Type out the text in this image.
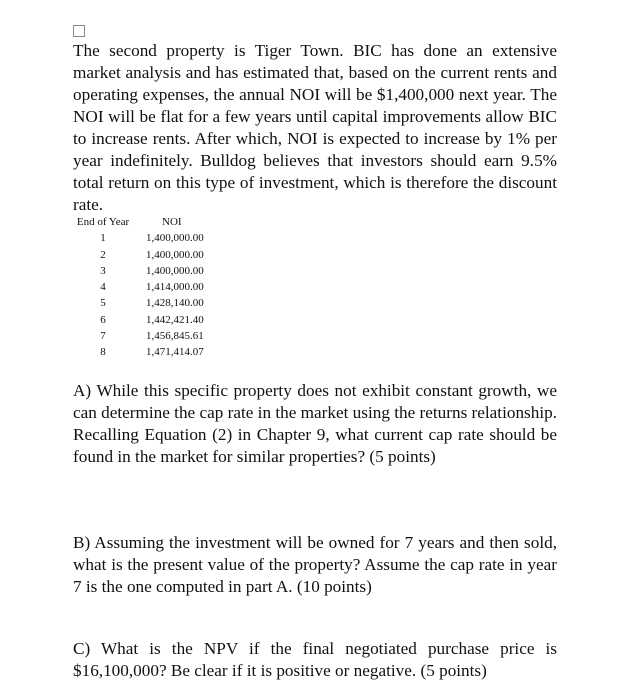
The second property is Tiger Town. BIC has done an extensive market analysis and has estimated that, based on the current rents and operating expenses, the annual NOI will be $1,400,000 next year. The NOI will be flat for a few years until capital improvements allow BIC to increase rents. After which, NOI is expected to increase by 1% per year indefinitely. Bulldog believes that investors should earn 9.5% total return on this type of investment, which is therefore the discount rate.

End of Year	NOI
1	1,400,000.00
2	1,400,000.00
3	1,400,000.00
4	1,414,000.00
5	1,428,140.00
6	1,442,421.40
7	1,456,845.61
8	1,471,414.07

A) While this specific property does not exhibit constant growth, we can determine the cap rate in the market using the returns relationship. Recalling Equation (2) in Chapter 9, what current cap rate should be found in the market for similar properties? (5 points)

B) Assuming the investment will be owned for 7 years and then sold, what is the present value of the property? Assume the cap rate in year 7 is the one computed in part A. (10 points)

C) What is the NPV if the final negotiated purchase price is $16,100,000? Be clear if it is positive or negative. (5 points)
